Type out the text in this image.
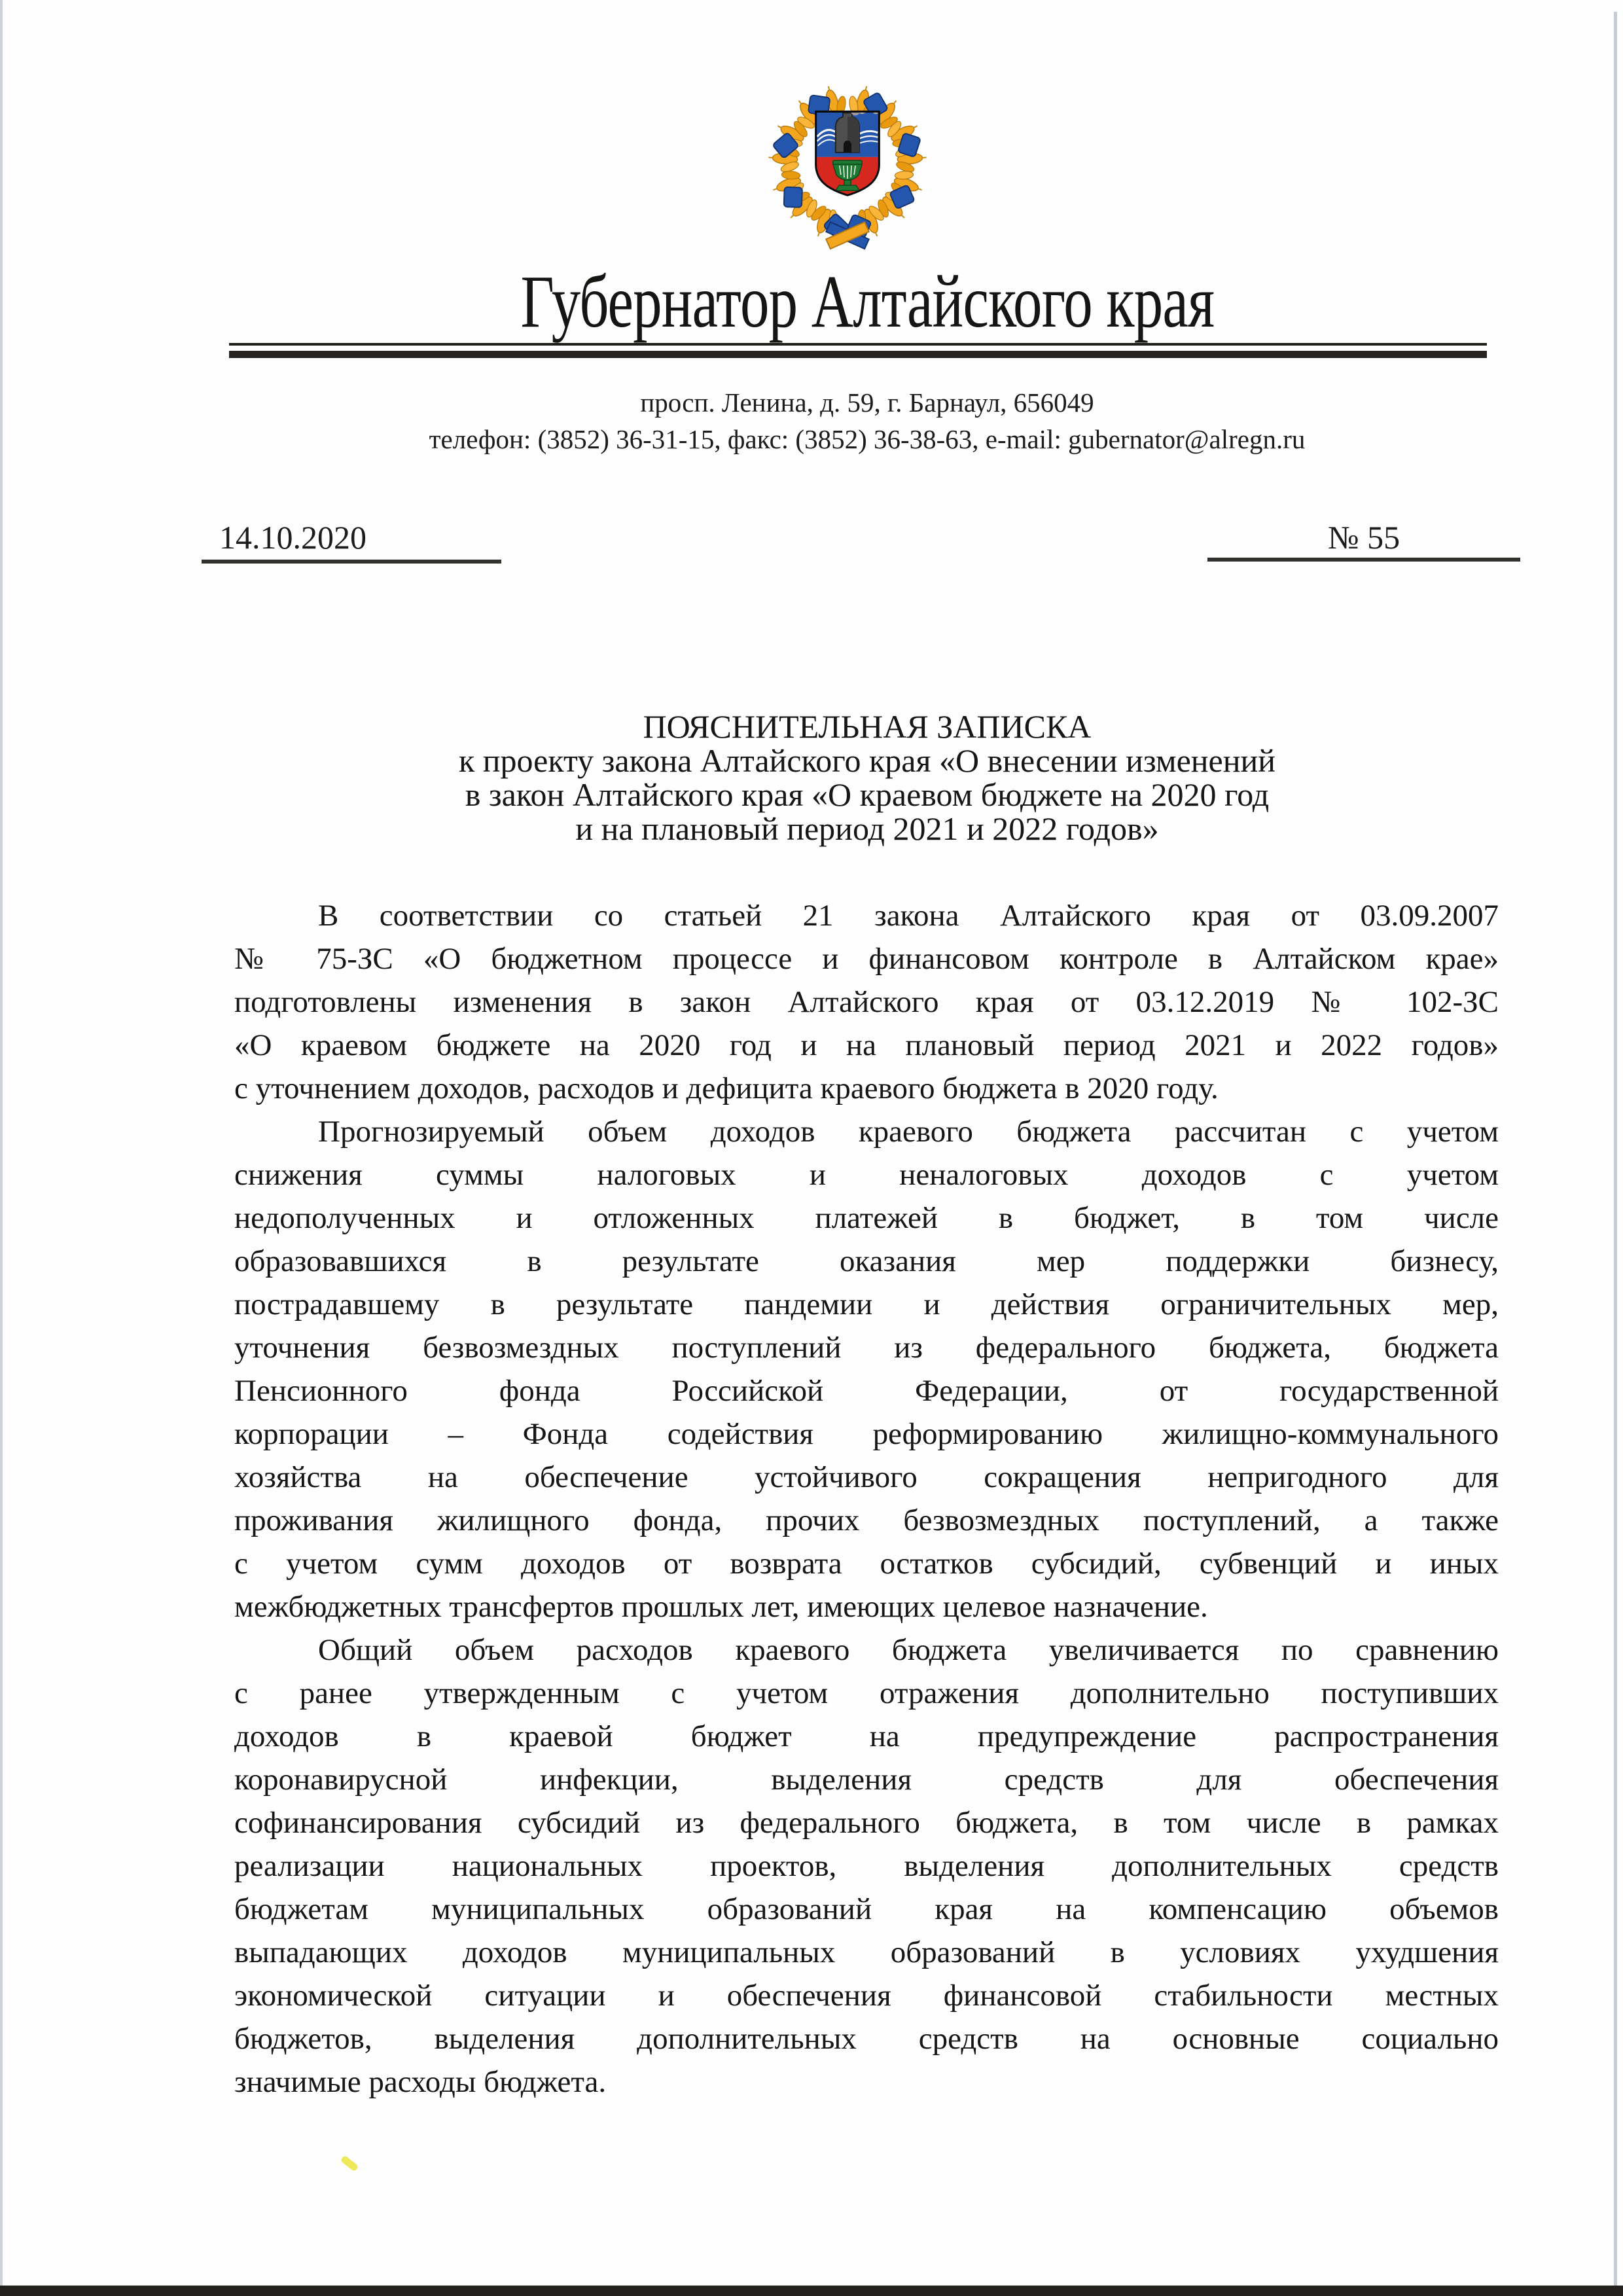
Губернатор Алтайского края
просп. Ленина, д. 59, г. Барнаул, 656049
телефон: (3852) 36-31-15, факс: (3852) 36-38-63, e-mail: gubernator@alregn.ru
14.10.2020	№ 55
ПОЯСНИТЕЛЬНАЯ ЗАПИСКА
к проекту закона Алтайского края «О внесении изменений
в закон Алтайского края «О краевом бюджете на 2020 год
и на плановый период 2021 и 2022 годов»
В соответствии со статьей 21 закона Алтайского края от 03.09.2007
№ 75-ЗС «О бюджетном процессе и финансовом контроле в Алтайском крае»
подготовлены изменения в закон Алтайского края от 03.12.2019 № 102-ЗС
«О краевом бюджете на 2020 год и на плановый период 2021 и 2022 годов»
с уточнением доходов, расходов и дефицита краевого бюджета в 2020 году.
Прогнозируемый объем доходов краевого бюджета рассчитан с учетом
снижения суммы налоговых и неналоговых доходов с учетом
недополученных и отложенных платежей в бюджет, в том числе
образовавшихся в результате оказания мер поддержки бизнесу,
пострадавшему в результате пандемии и действия ограничительных мер,
уточнения безвозмездных поступлений из федерального бюджета, бюджета
Пенсионного фонда Российской Федерации, от государственной
корпорации – Фонда содействия реформированию жилищно-коммунального
хозяйства на обеспечение устойчивого сокращения непригодного для
проживания жилищного фонда, прочих безвозмездных поступлений, а также
с учетом сумм доходов от возврата остатков субсидий, субвенций и иных
межбюджетных трансфертов прошлых лет, имеющих целевое назначение.
Общий объем расходов краевого бюджета увеличивается по сравнению
с ранее утвержденным с учетом отражения дополнительно поступивших
доходов в краевой бюджет на предупреждение распространения
коронавирусной инфекции, выделения средств для обеспечения
софинансирования субсидий из федерального бюджета, в том числе в рамках
реализации национальных проектов, выделения дополнительных средств
бюджетам муниципальных образований края на компенсацию объемов
выпадающих доходов муниципальных образований в условиях ухудшения
экономической ситуации и обеспечения финансовой стабильности местных
бюджетов, выделения дополнительных средств на основные социально
значимые расходы бюджета.
